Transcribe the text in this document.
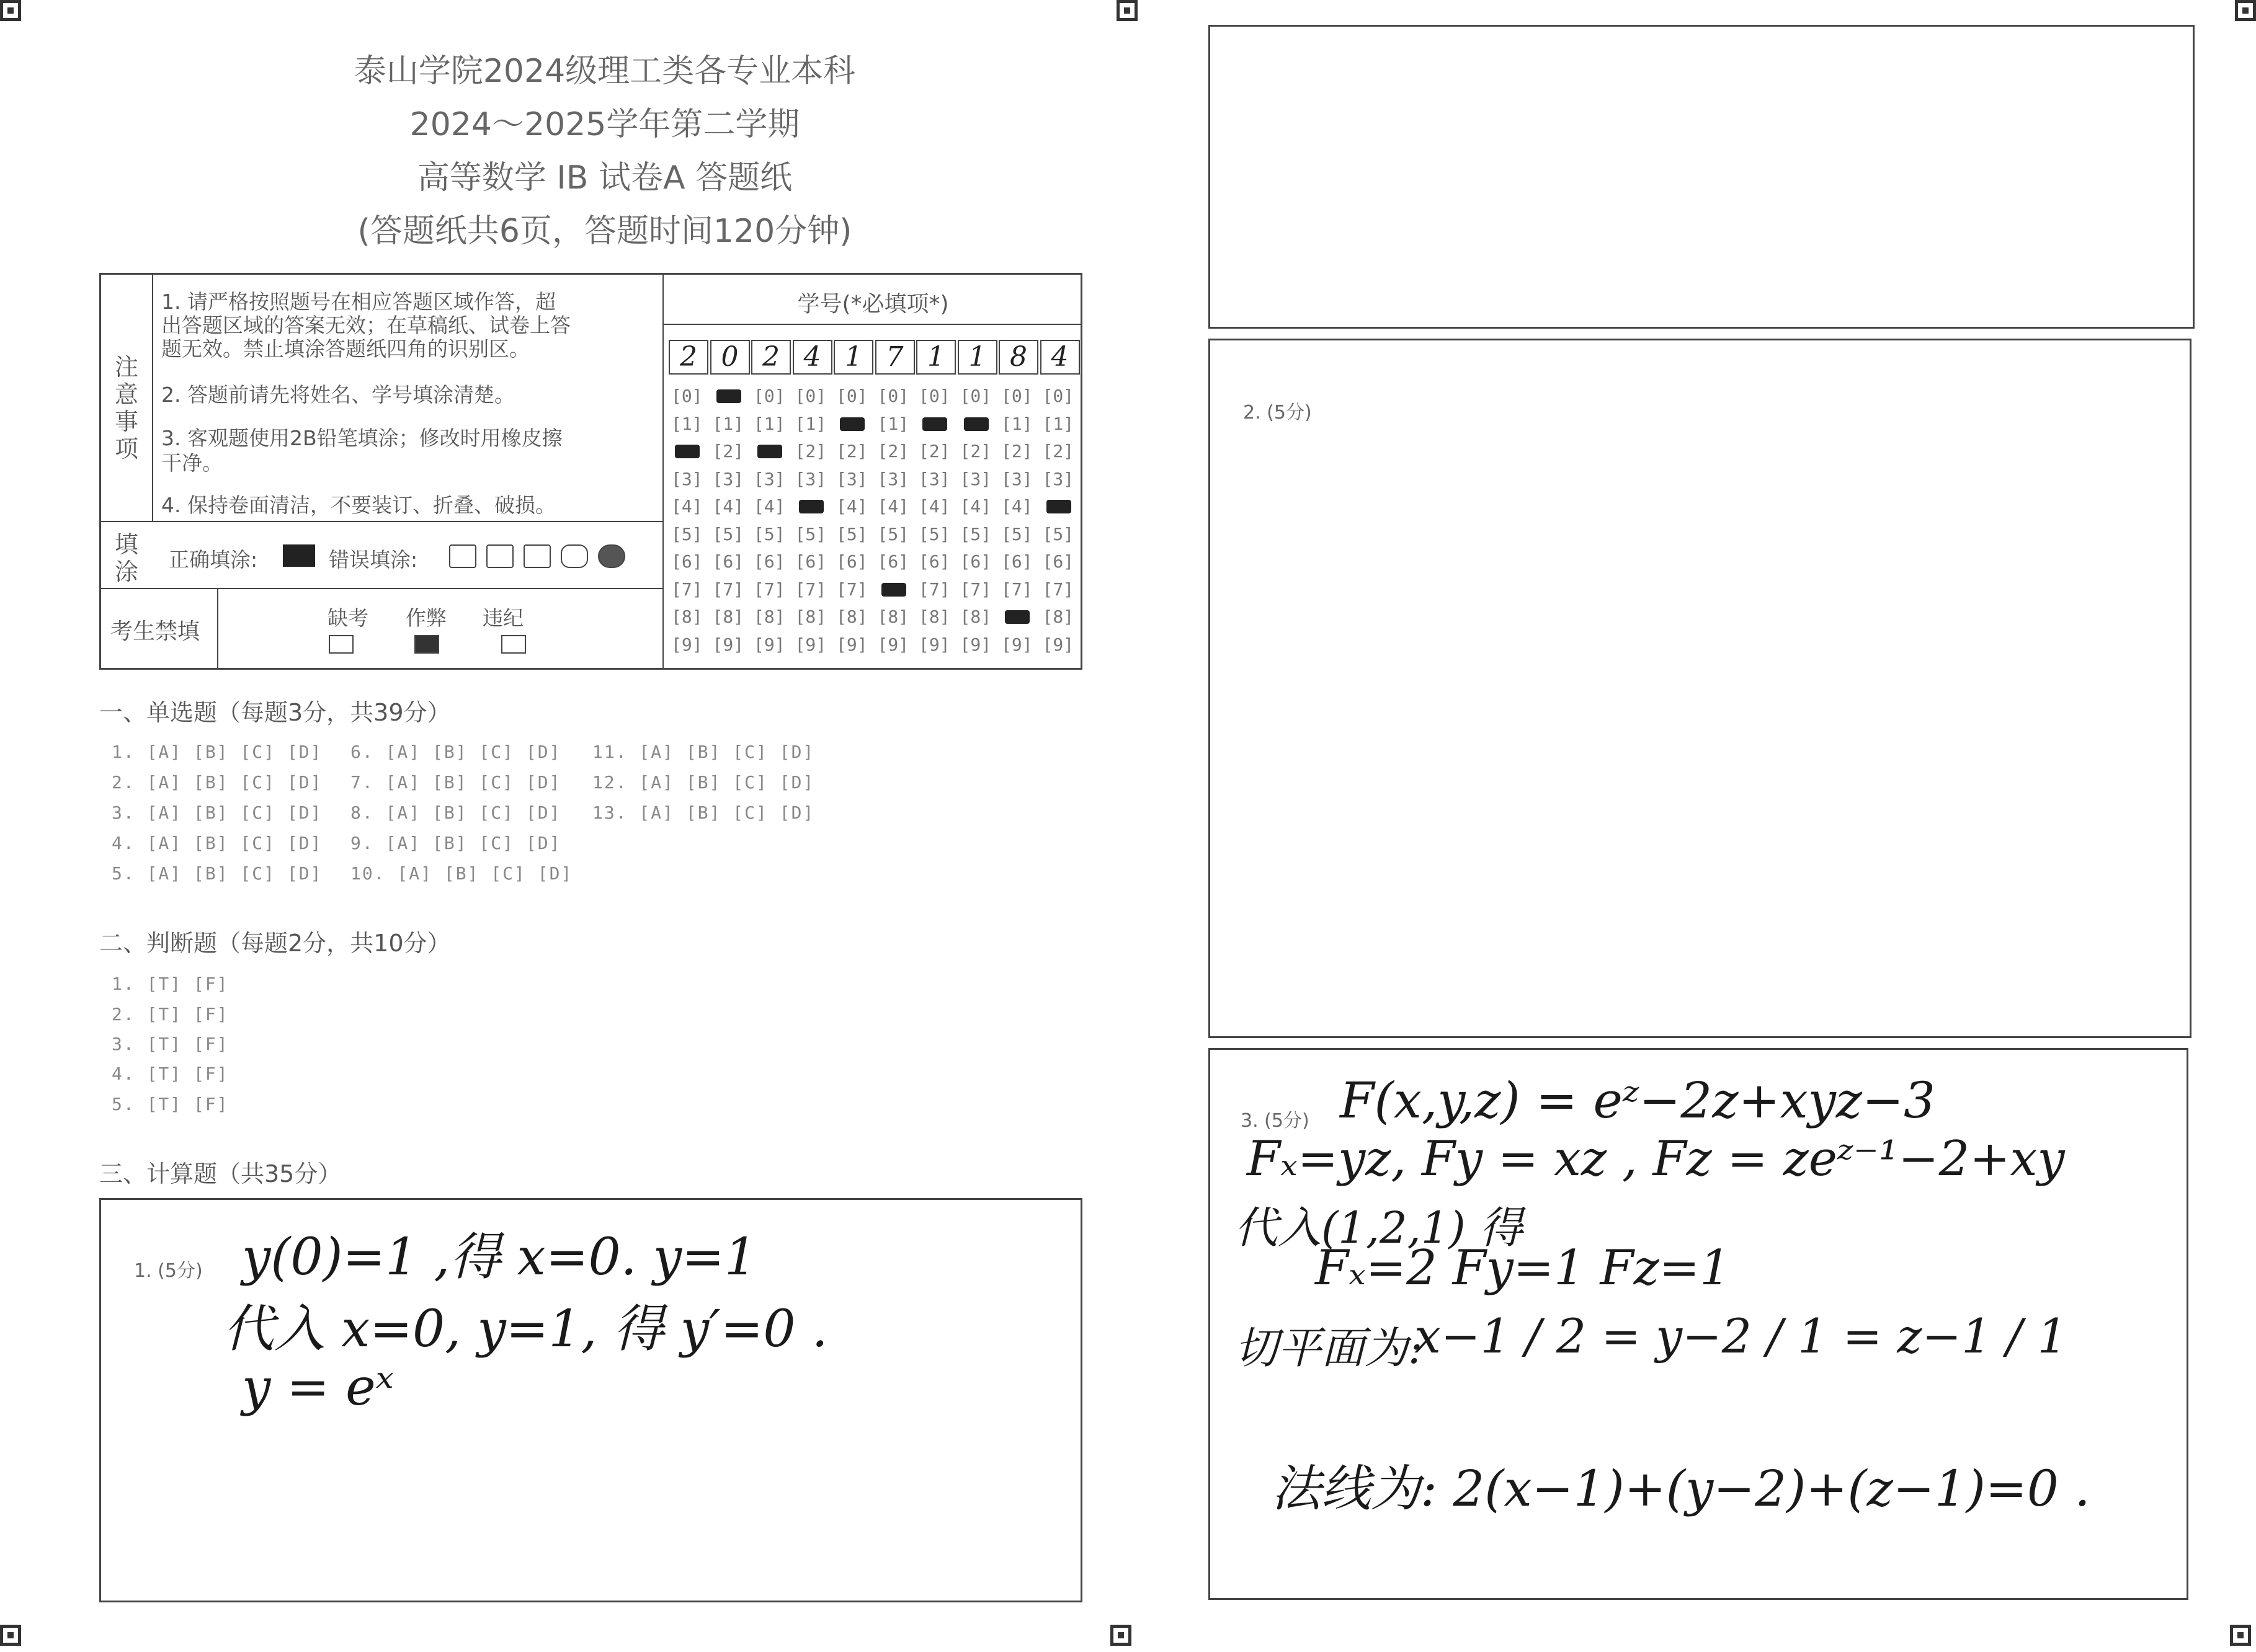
泰山学院2024级理工类各专业本科
2024～2025学年第二学期
高等数学 IB 试卷A 答题纸
(答题纸共6页，答题时间120分钟)
注意事项
1. 请严格按照题号在相应答题区域作答，超
出答题区域的答案无效；在草稿纸、试卷上答
题无效。禁止填涂答题纸四角的识别区。
2. 答题前请先将姓名、学号填涂清楚。
3. 客观题使用2B铅笔填涂；修改时用橡皮擦
干净。
4. 保持卷面清洁，不要装订、折叠、破损。
填涂 正确填涂:	错误填涂:
考生禁填
缺考 作弊 违纪
学号(*必填项*)
2 0 2 4 1 7 1 1 8 4
[0]
[1]
[3]
[4]
[5]
[6]
[7]
[8]
[9]
[1]
[2]
[3]
[4]
[5]
[6]
[7]
[8]
[9]
[0]
[1]
[3]
[4]
[5]
[6]
[7]
[8]
[9]
[0]
[1]
[2]
[3]
[5]
[6]
[7]
[8]
[9]
[0]
[2]
[3]
[4]
[5]
[6]
[7]
[8]
[9]
[0]
[1]
[2]
[3]
[4]
[5]
[6]
[8]
[9]
[0]
[2]
[3]
[4]
[5]
[6]
[7]
[8]
[9]
[0]
[2]
[3]
[4]
[5]
[6]
[7]
[8]
[9]
[0]
[1]
[2]
[3]
[4]
[5]
[6]
[7]
[9]
[0]
[1]
[2]
[3]
[5]
[6]
[7]
[8]
[9]
一、单选题（每题3分，共39分）
1. [A] [B] [C] [D]
2. [A] [B] [C] [D]
3. [A] [B] [C] [D]
4. [A] [B] [C] [D]
5. [A] [B] [C] [D]
6. [A] [B] [C] [D]
7. [A] [B] [C] [D]
8. [A] [B] [C] [D]
9. [A] [B] [C] [D]
10. [A] [B] [C] [D]
11. [A] [B] [C] [D]
12. [A] [B] [C] [D]
13. [A] [B] [C] [D]
二、判断题（每题2分，共10分）
1. [T] [F]
2. [T] [F]
3. [T] [F]
4. [T] [F]
5. [T] [F]
三、计算题（共35分）
1. (5分) y(0)=1 ,得 x=0. y=1
代入 x=0, y=1, 得 y′=0 .
y = eˣ
2. (5分)
3. (5分) F(x,y,z) = eᶻ−2z+xyz−3
Fₓ=yz, Fy = xz , Fz = zeᶻ⁻¹−2+xy
代入(1,2,1) 得
Fₓ=2 Fy=1 Fz=1
切平面为:
x−1 / 2 = y−2 / 1 = z−1 / 1
法线为: 2(x−1)+(y−2)+(z−1)=0 .
